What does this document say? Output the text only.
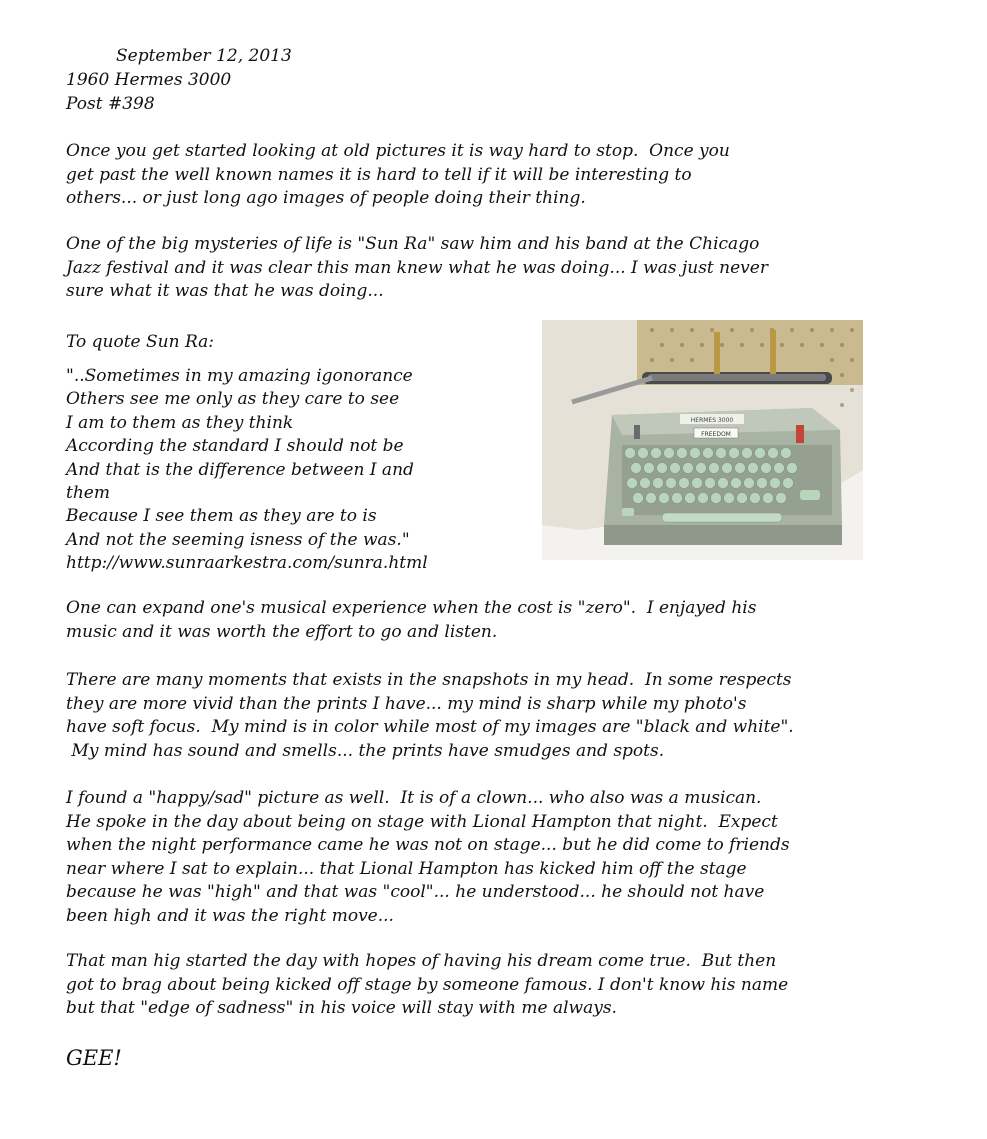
September 12, 2013
1960 Hermes 3000
Post #398

Once you get started looking at old pictures it is way hard to stop.  Once you
get past the well known names it is hard to tell if it will be interesting to
others... or just long ago images of people doing their thing.

One of the big mysteries of life is "Sun Ra" saw him and his band at the Chicago
Jazz festival and it was clear this man knew what he was doing... I was just never
sure what it was that he was doing...

To quote Sun Ra:
"..Sometimes in my amazing igonorance
Others see me only as they care to see
I am to them as they think
According the standard I should not be
And that is the difference between I and
them
Because I see them as they are to is
And not the seeming isness of the was."
http://www.sunraarkestra.com/sunra.html
HERMES 3000
FREEDOM

One can expand one's musical experience when the cost is "zero".  I enjayed his
music and it was worth the effort to go and listen.

There are many moments that exists in the snapshots in my head.  In some respects
they are more vivid than the prints I have... my mind is sharp while my photo's
have soft focus.  My mind is in color while most of my images are "black and white".
My mind has sound and smells... the prints have smudges and spots.

I found a "happy/sad" picture as well.  It is of a clown... who also was a musican.
He spoke in the day about being on stage with Lional Hampton that night.  Expect
when the night performance came he was not on stage... but he did come to friends
near where I sat to explain... that Lional Hampton has kicked him off the stage
because he was "high" and that was "cool"... he understood... he should not have
been high and it was the right move...

That man hig started the day with hopes of having his dream come true.  But then
got to brag about being kicked off stage by someone famous. I don't know his name
but that "edge of sadness" in his voice will stay with me always.

GEE!
